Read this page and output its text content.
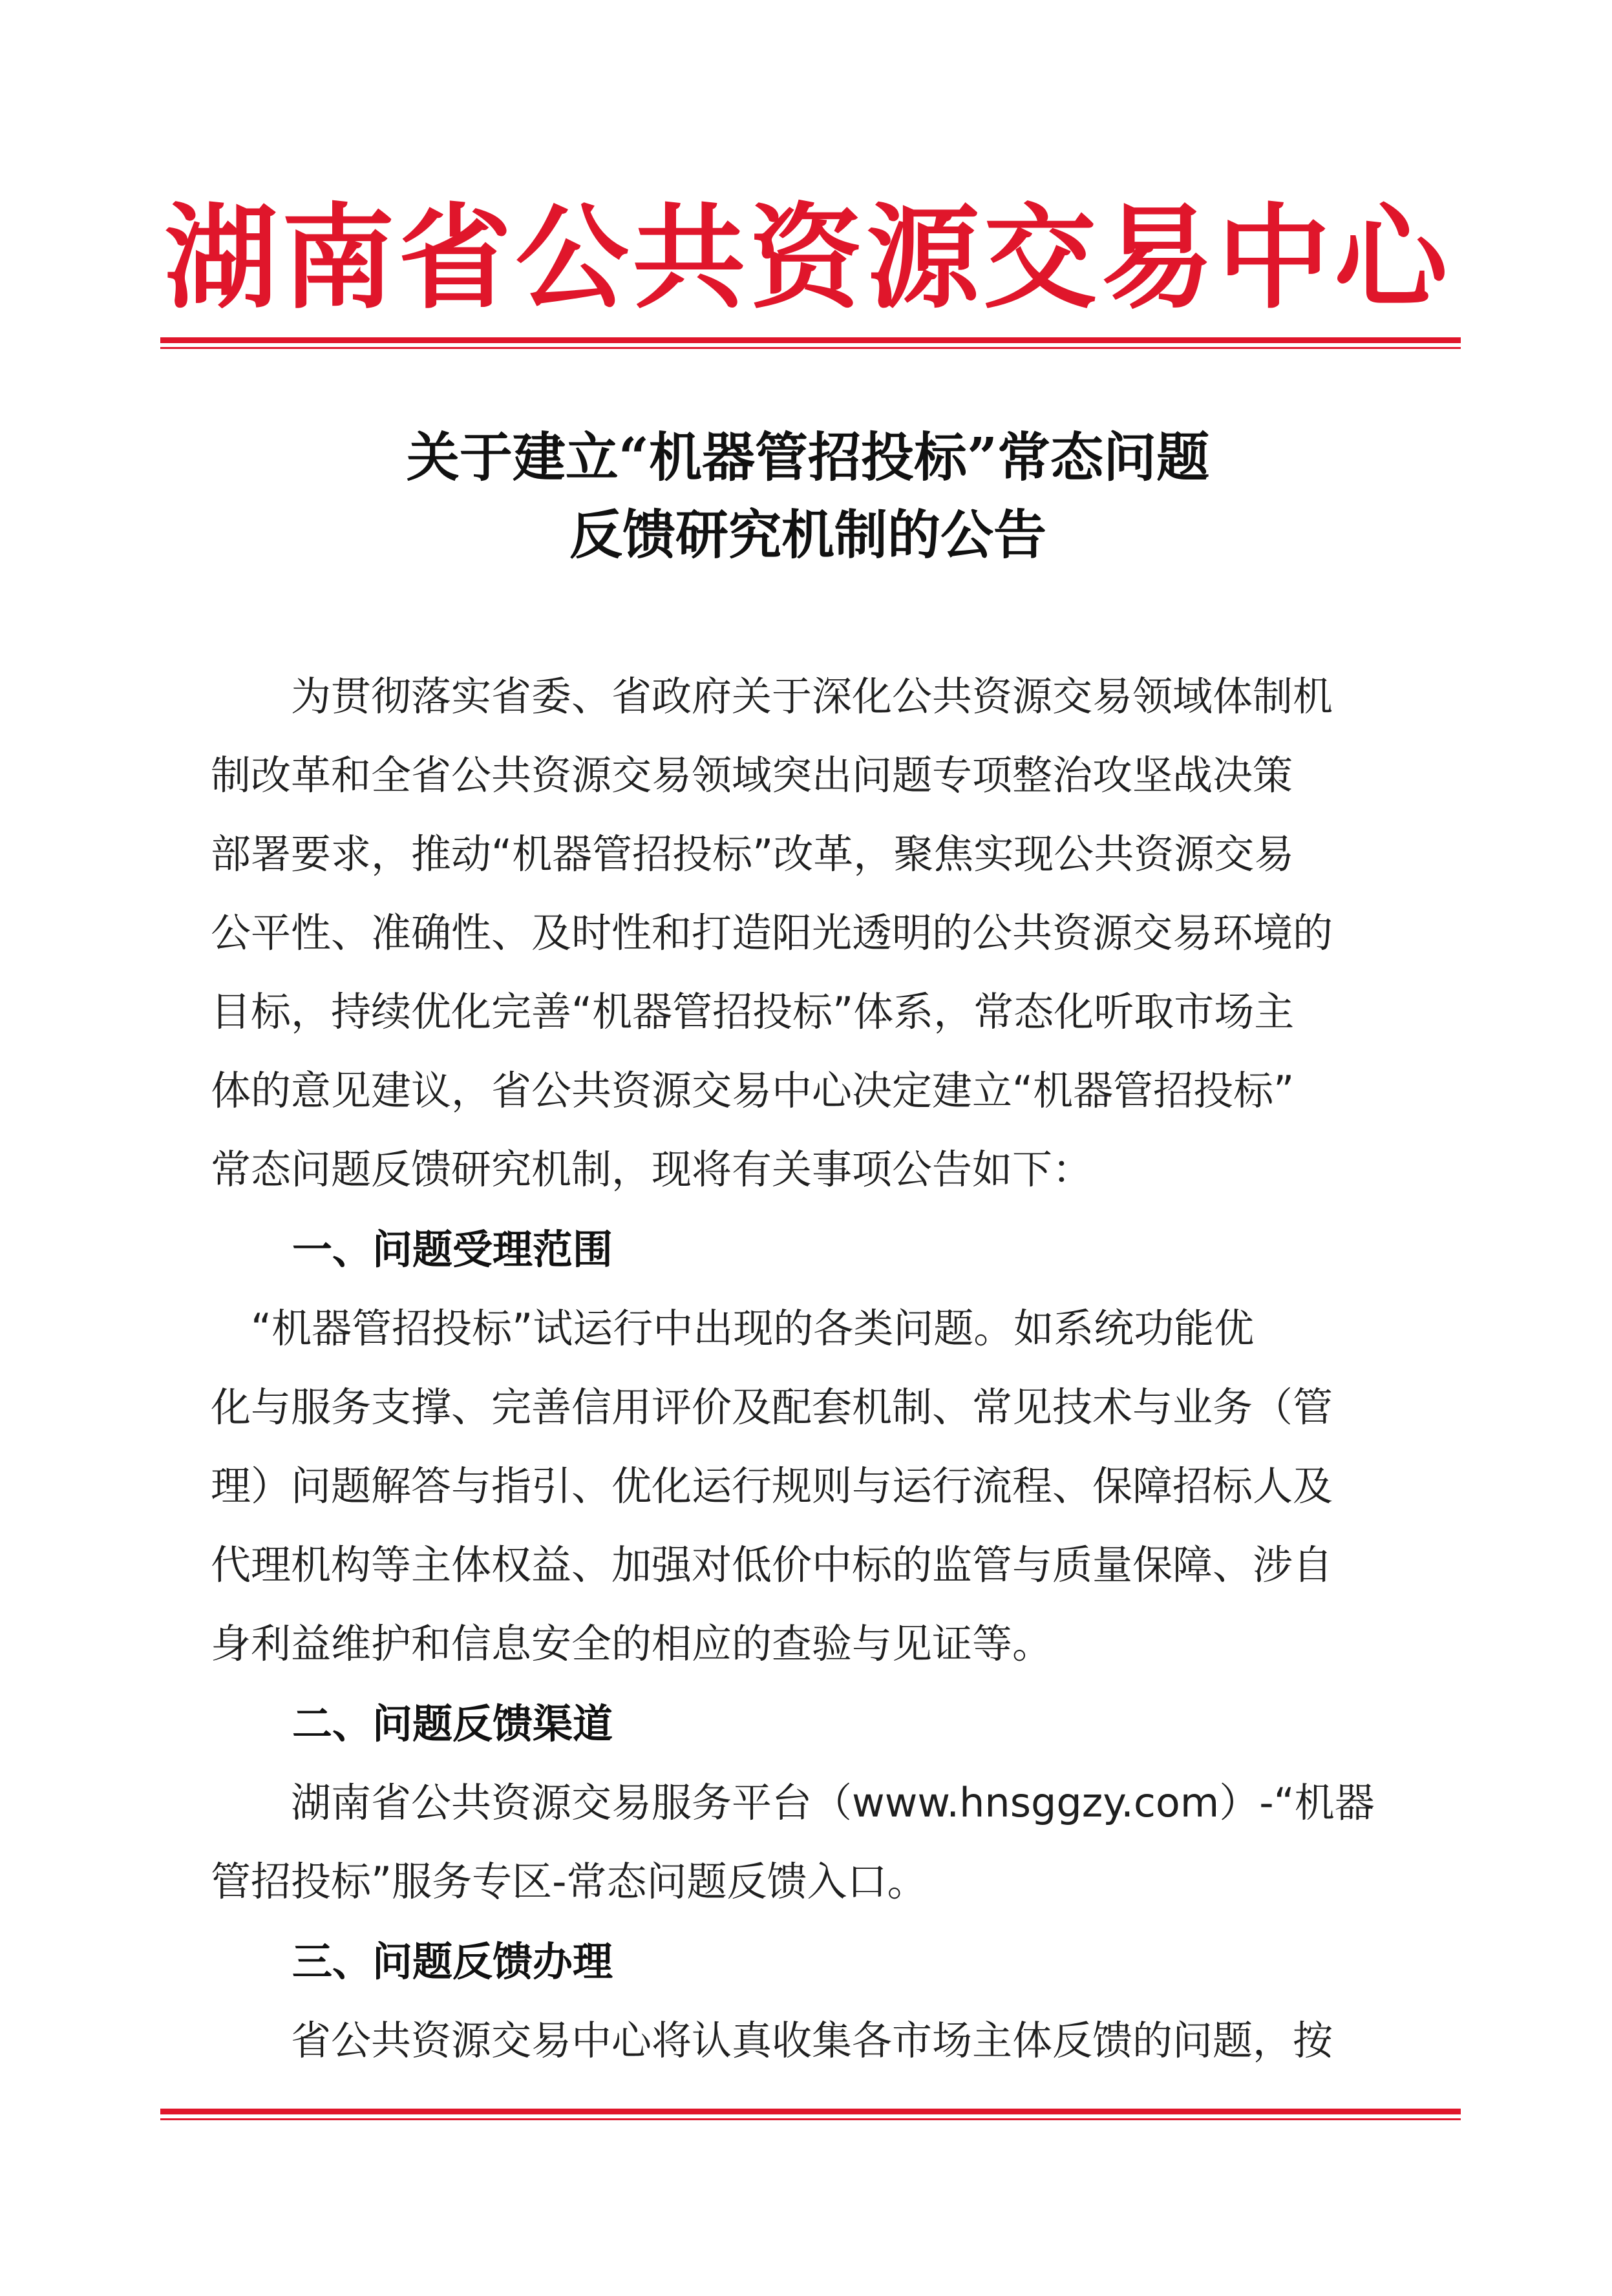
湖南省公共资源交易中心
关于建立“机器管招投标”常态问题
反馈研究机制的公告
　　为贯彻落实省委、省政府关于深化公共资源交易领域体制机
制改革和全省公共资源交易领域突出问题专项整治攻坚战决策
部署要求，推动“机器管招投标”改革，聚焦实现公共资源交易
公平性、准确性、及时性和打造阳光透明的公共资源交易环境的
目标，持续优化完善“机器管招投标”体系，常态化听取市场主
体的意见建议，省公共资源交易中心决定建立“机器管招投标”
常态问题反馈研究机制，现将有关事项公告如下：
一、问题受理范围
　“机器管招投标”试运行中出现的各类问题。如系统功能优
化与服务支撑、完善信用评价及配套机制、常见技术与业务（管
理）问题解答与指引、优化运行规则与运行流程、保障招标人及
代理机构等主体权益、加强对低价中标的监管与质量保障、涉自
身利益维护和信息安全的相应的查验与见证等。
二、问题反馈渠道
　　湖南省公共资源交易服务平台（www.hnsggzy.com）-“机器
管招投标”服务专区-常态问题反馈入口。
三、问题反馈办理
　　省公共资源交易中心将认真收集各市场主体反馈的问题，按
